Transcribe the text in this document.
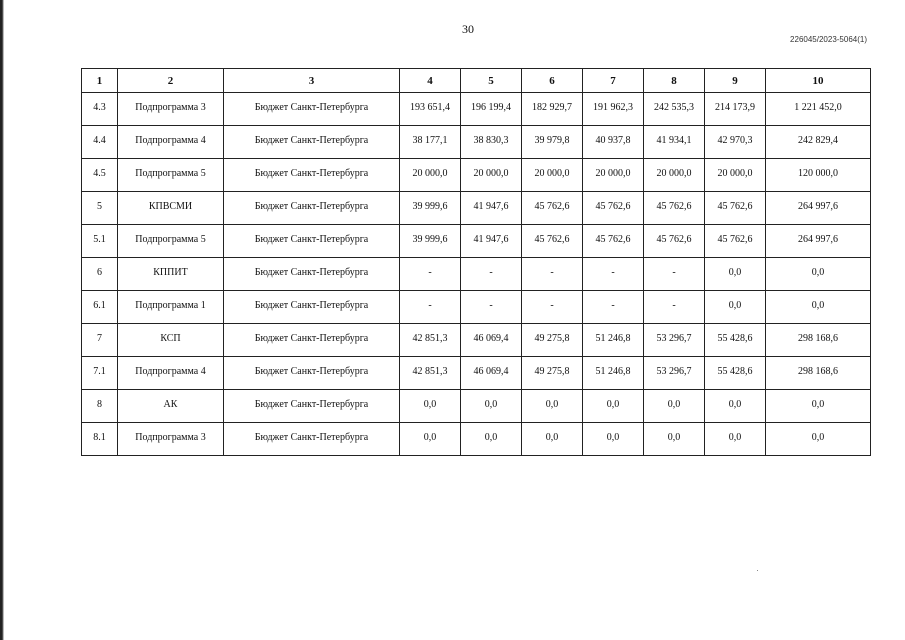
30
226045/2023-5064(1)
1	2	3	4	5	6	7	8	9	10
4.3	Подпрограмма 3	Бюджет Санкт-Петербурга	193 651,4	196 199,4	182 929,7	191 962,3	242 535,3	214 173,9	1 221 452,0
4.4	Подпрограмма 4	Бюджет Санкт-Петербурга	38 177,1	38 830,3	39 979,8	40 937,8	41 934,1	42 970,3	242 829,4
4.5	Подпрограмма 5	Бюджет Санкт-Петербурга	20 000,0	20 000,0	20 000,0	20 000,0	20 000,0	20 000,0	120 000,0
5	КПВСМИ	Бюджет Санкт-Петербурга	39 999,6	41 947,6	45 762,6	45 762,6	45 762,6	45 762,6	264 997,6
5.1	Подпрограмма 5	Бюджет Санкт-Петербурга	39 999,6	41 947,6	45 762,6	45 762,6	45 762,6	45 762,6	264 997,6
6	КППИТ	Бюджет Санкт-Петербурга	-	-	-	-	-	0,0	0,0
6.1	Подпрограмма 1	Бюджет Санкт-Петербурга	-	-	-	-	-	0,0	0,0
7	КСП	Бюджет Санкт-Петербурга	42 851,3	46 069,4	49 275,8	51 246,8	53 296,7	55 428,6	298 168,6
7.1	Подпрограмма 4	Бюджет Санкт-Петербурга	42 851,3	46 069,4	49 275,8	51 246,8	53 296,7	55 428,6	298 168,6
8	АК	Бюджет Санкт-Петербурга	0,0	0,0	0,0	0,0	0,0	0,0	0,0
8.1	Подпрограмма 3	Бюджет Санкт-Петербурга	0,0	0,0	0,0	0,0	0,0	0,0	0,0
